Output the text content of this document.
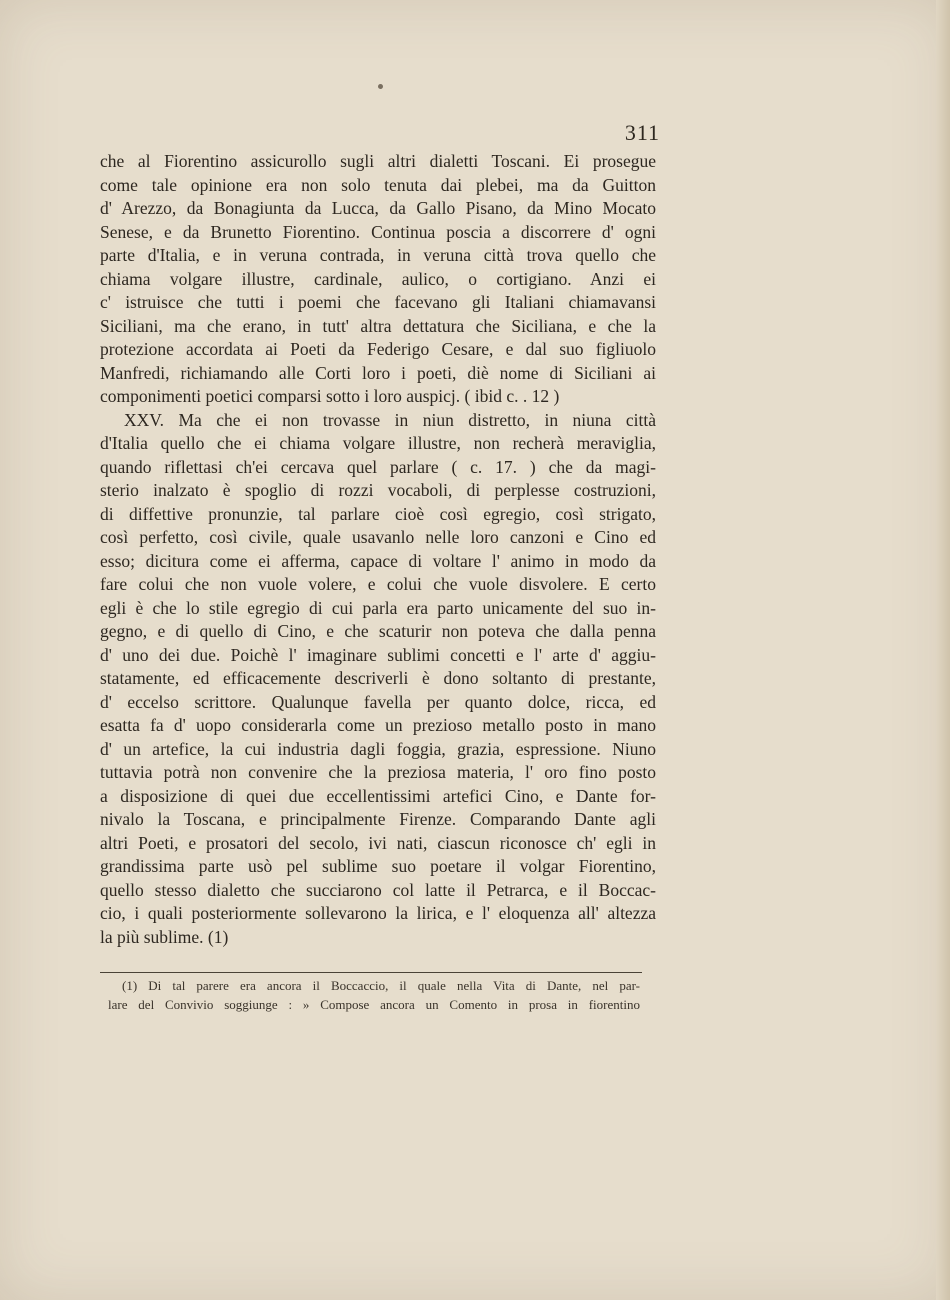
311
che al Fiorentino assicurollo sugli altri dialetti Toscani. Ei prosegue
come tale opinione era non solo tenuta dai plebei, ma da Guitton
d' Arezzo, da Bonagiunta da Lucca, da Gallo Pisano, da Mino Mocato
Senese, e da Brunetto Fiorentino. Continua poscia a discorrere d' ogni
parte d'Italia, e in veruna contrada, in veruna città trova quello che
chiama volgare illustre, cardinale, aulico, o cortigiano. Anzi ei
c' istruisce che tutti i poemi che facevano gli Italiani chiamavansi
Siciliani, ma che erano, in tutt' altra dettatura che Siciliana, e che la
protezione accordata ai Poeti da Federigo Cesare, e dal suo figliuolo
Manfredi, richiamando alle Corti loro i poeti, diè nome di Siciliani ai
componimenti poetici comparsi sotto i loro auspicj. ( ibid c. . 12 )
XXV. Ma che ei non trovasse in niun distretto, in niuna città
d'Italia quello che ei chiama volgare illustre, non recherà meraviglia,
quando riflettasi ch'ei cercava quel parlare ( c. 17. ) che da magi-
sterio inalzato è spoglio di rozzi vocaboli, di perplesse costruzioni,
di diffettive pronunzie, tal parlare cioè così egregio, così strigato,
così perfetto, così civile, quale usavanlo nelle loro canzoni e Cino ed
esso; dicitura come ei afferma, capace di voltare l' animo in modo da
fare colui che non vuole volere, e colui che vuole disvolere. E certo
egli è che lo stile egregio di cui parla era parto unicamente del suo in-
gegno, e di quello di Cino, e che scaturir non poteva che dalla penna
d' uno dei due. Poichè l' imaginare sublimi concetti e l' arte d' aggiu-
statamente, ed efficacemente descriverli è dono soltanto di prestante,
d' eccelso scrittore. Qualunque favella per quanto dolce, ricca, ed
esatta fa d' uopo considerarla come un prezioso metallo posto in mano
d' un artefice, la cui industria dagli foggia, grazia, espressione. Niuno
tuttavia potrà non convenire che la preziosa materia, l' oro fino posto
a disposizione di quei due eccellentissimi artefici Cino, e Dante for-
nivalo la Toscana, e principalmente Firenze. Comparando Dante agli
altri Poeti, e prosatori del secolo, ivi nati, ciascun riconosce ch' egli in
grandissima parte usò pel sublime suo poetare il volgar Fiorentino,
quello stesso dialetto che succiarono col latte il Petrarca, e il Boccac-
cio, i quali posteriormente sollevarono la lirica, e l' eloquenza all' altezza
la più sublime. (1)
(1) Di tal parere era ancora il Boccaccio, il quale nella Vita di Dante, nel par-
lare del Convivio soggiunge : » Compose ancora un Comento in prosa in fiorentino
